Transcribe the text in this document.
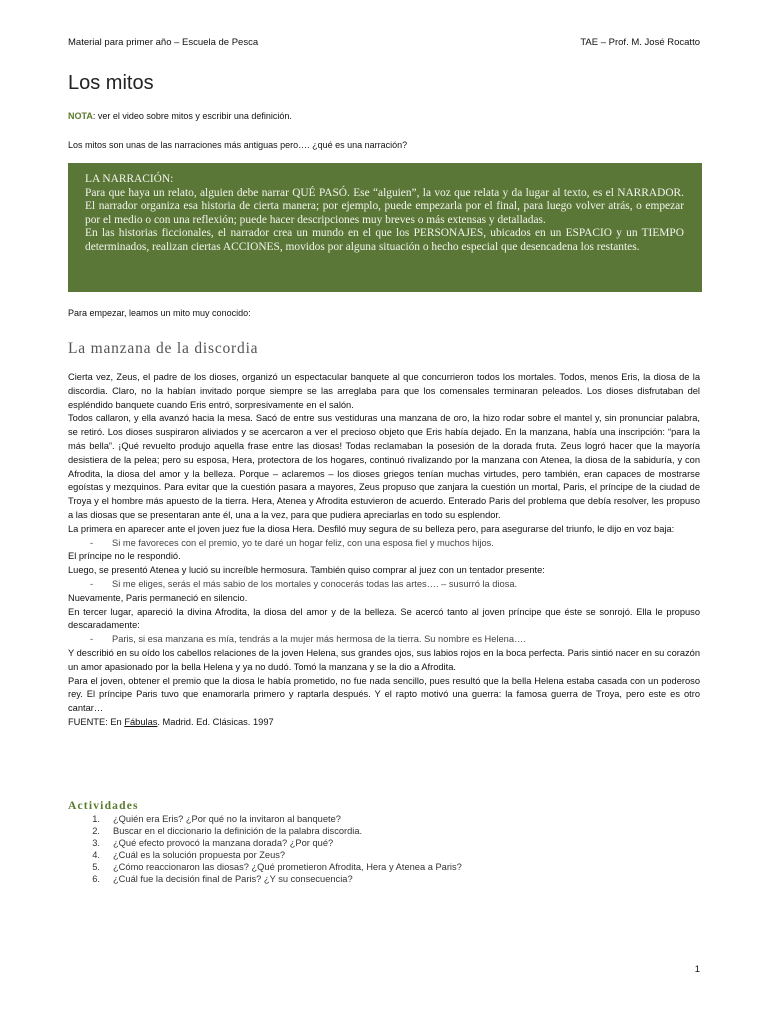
Material para primer año – Escuela de Pesca	TAE – Prof. M. José Rocatto
Los mitos
NOTA: ver el video sobre mitos y escribir una definición.
Los mitos son unas de las narraciones más antiguas pero…. ¿qué es una narración?

LA NARRACIÓN:

Para que haya un relato, alguien debe narrar QUÉ PASÓ. Ese “alguien”, la voz que relata y da lugar al texto, es el NARRADOR. El narrador organiza esa historia de cierta manera; por ejemplo, puede empezarla por el final, para luego volver atrás, o empezar por el medio o con una reflexión; puede hacer descripciones muy breves o más extensas y detalladas.

En las historias ficcionales, el narrador crea un mundo en el que los PERSONAJES, ubicados en un ESPACIO y un TIEMPO determinados, realizan ciertas ACCIONES, movidos por alguna situación o hecho especial que desencadena los restantes.

Para empezar, leamos un mito muy conocido:
La manzana de la discordia

Cierta vez, Zeus, el padre de los dioses, organizó un espectacular banquete al que concurrieron todos los mortales. Todos, menos Eris, la diosa de la discordia. Claro, no la habían invitado porque siempre se las arreglaba para que los comensales terminaran peleados. Los dioses disfrutaban del espléndido banquete cuando Eris entró, sorpresivamente en el salón.

Todos callaron, y ella avanzó hacia la mesa. Sacó de entre sus vestiduras una manzana de oro, la hizo rodar sobre el mantel y, sin pronunciar palabra, se retiró. Los dioses suspiraron aliviados y se acercaron a ver el precioso objeto que Eris había dejado. En la manzana, había una inscripción: “para la más bella”. ¡Qué revuelto produjo aquella frase entre las diosas! Todas reclamaban la posesión de la dorada fruta. Zeus logró hacer que la mayoría desistiera de la pelea; pero su esposa, Hera, protectora de los hogares, continuó rivalizando por la manzana con Atenea, la diosa de la sabiduría, y con Afrodita, la diosa del amor y la belleza. Porque – aclaremos – los dioses griegos tenían muchas virtudes, pero también, eran capaces de mostrarse egoístas y mezquinos. Para evitar que la cuestión pasara a mayores, Zeus propuso que zanjara la cuestión un mortal, Paris, el príncipe de la ciudad de Troya y el hombre más apuesto de la tierra. Hera, Atenea y Afrodita estuvieron de acuerdo. Enterado Paris del problema que debía resolver, les propuso a las diosas que se presentaran ante él, una a la vez, para que pudiera apreciarlas en todo su esplendor.

La primera en aparecer ante el joven juez fue la diosa Hera. Desfiló muy segura de su belleza pero, para asegurarse del triunfo, le dijo en voz baja:

-	Si me favoreces con el premio, yo te daré un hogar feliz, con una esposa fiel y muchos hijos.

El príncipe no le respondió.

Luego, se presentó Atenea y lució su increíble hermosura. También quiso comprar al juez con un tentador presente:

-	Si me eliges, serás el más sabio de los mortales y conocerás todas las artes…. – susurró la diosa.

Nuevamente, Paris permaneció en silencio.

En tercer lugar, apareció la divina Afrodita, la diosa del amor y de la belleza. Se acercó tanto al joven príncipe que éste se sonrojó. Ella le propuso descaradamente:

-	Paris, si esa manzana es mía, tendrás a la mujer más hermosa de la tierra. Su nombre es Helena….

Y describió en su oído los cabellos relaciones de la joven Helena, sus grandes ojos, sus labios rojos en la boca perfecta. Paris sintió nacer en su corazón un amor apasionado por la bella Helena y ya no dudó. Tomó la manzana y se la dio a Afrodita.

Para el joven, obtener el premio que la diosa le había prometido, no fue nada sencillo, pues resultó que la bella Helena estaba casada con un poderoso rey. El príncipe Paris tuvo que enamorarla primero y raptarla después. Y el rapto motivó una guerra: la famosa guerra de Troya, pero este es otro cantar…

FUENTE: En Fábulas. Madrid. Ed. Clásicas. 1997

Actividades
1.	¿Quién era Eris? ¿Por qué no la invitaron al banquete?
2.	Buscar en el diccionario la definición de la palabra discordia.
3.	¿Qué efecto provocó la manzana dorada? ¿Por qué?
4.	¿Cuál es la solución propuesta por Zeus?
5.	¿Cómo reaccionaron las diosas? ¿Qué prometieron Afrodita, Hera y Atenea a Paris?
6.	¿Cuál fue la decisión final de Paris? ¿Y su consecuencia?
1
